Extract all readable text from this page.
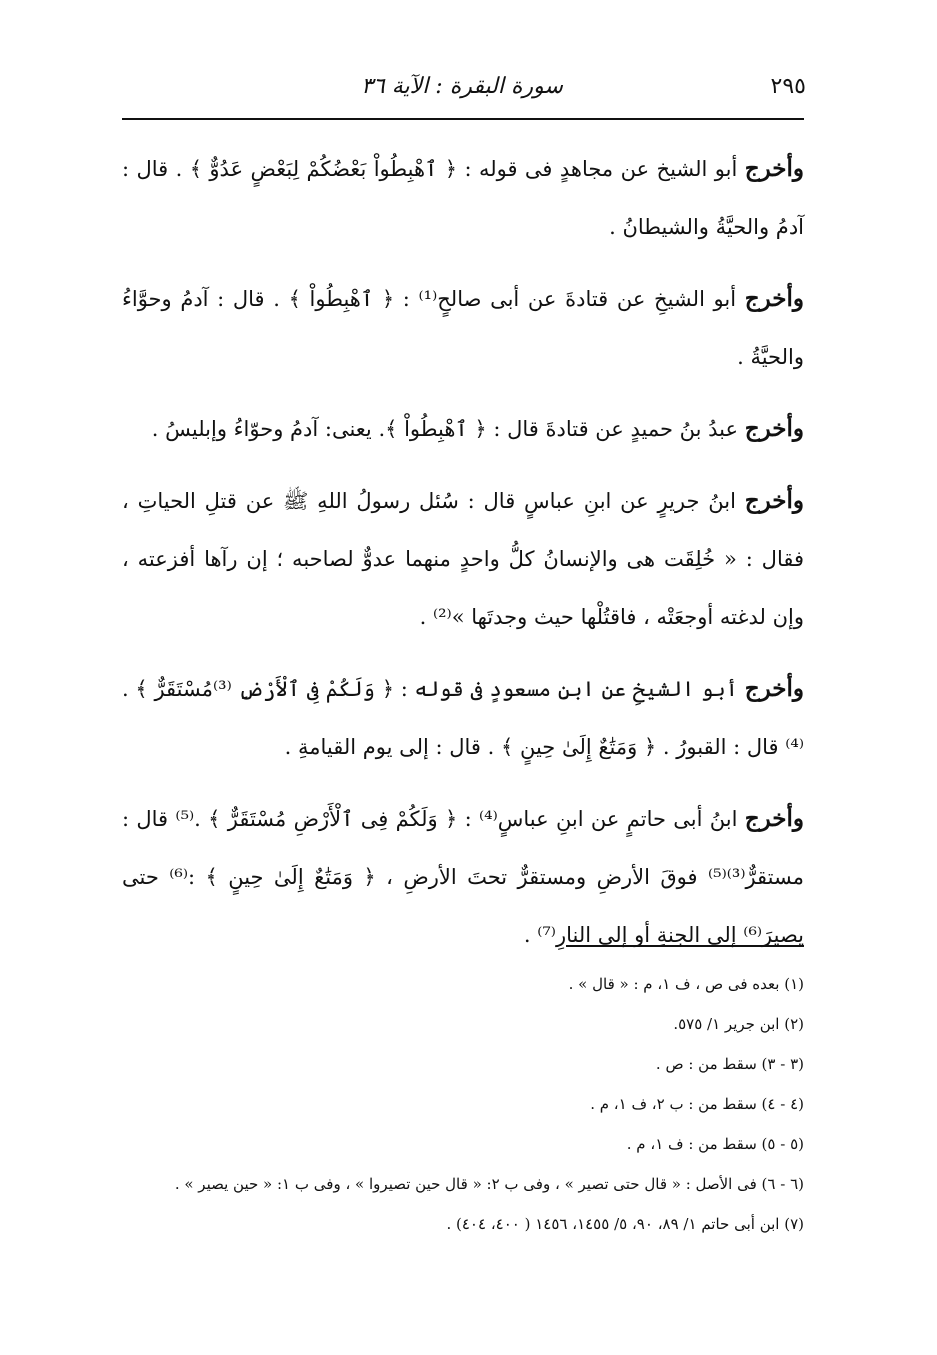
سورة البقرة : الآية ٣٦	٢٩٥

وأخرج أبو الشيخ عن مجاهدٍ فى قوله : ﴿ ٱهْبِطُواْ بَعْضُكُمْ لِبَعْضٍ عَدُوٌّ ﴾ . قال : آدمُ والحيَّةُ والشيطانُ .

وأخرج أبو الشيخِ عن قتادةَ عن أبى صالحٍ⁽¹⁾ : ﴿ ٱهْبِطُواْ ﴾ . قال : آدمُ وحوَّاءُ والحيَّةُ .

وأخرج عبدُ بنُ حميدٍ عن قتادةَ قال : ﴿ ٱهْبِطُواْ ﴾. يعنى: آدمُ وحوّاءُ وإبليسُ .

وأخرج ابنُ جريرٍ عن ابنِ عباسٍ قال : سُئل رسولُ اللهِ ﷺ عن قتلِ الحياتِ ، فقال : « خُلِقَت هى والإنسانُ كلُّ واحدٍ منهما عدوٌّ لصاحبه ؛ إن رآها أفزعته ، وإن لدغته أوجعَتْه ، فاقتُلْها حيث وجدتَها »⁽²⁾ .

وأخرج أبو الشيخِ عن ابنِ مسعودٍ فى قوله : ﴿ وَلَكُمْ فِى ٱلْأَرْضِ ⁽³⁾مُسْتَقَرٌّ ﴾ .⁽⁴⁾ قال : القبورُ . ﴿ وَمَتَٰعٌ إِلَىٰ حِينٍ ﴾ . قال : إلى يوم القيامةِ .

وأخرج ابنُ أبى حاتمٍ عن ابنِ عباسٍ⁽⁴⁾ : ﴿ وَلَكُمْ فِى ٱلْأَرْضِ مُسْتَقَرٌّ ﴾ .⁽⁵⁾ قال : مستقرٌّ⁽³⁾⁽⁵⁾ فوقَ الأرضِ ومستقرٌّ تحتَ الأرضِ ، ﴿ وَمَتَٰعٌ إِلَىٰ حِينٍ ﴾ :⁽⁶⁾ حتى يصيرَ⁽⁶⁾ إلى الجنةِ أو إلى النارِ⁽⁷⁾ .

(١) بعده فى ص ، ف ١، م : « قال » .

(٢) ابن جرير ١/ ٥٧٥.

(٣ - ٣) سقط من : ص .

(٤ - ٤) سقط من : ب ٢، ف ١، م .

(٥ - ٥) سقط من : ف ١، م .

(٦ - ٦) فى الأصل : « قال حتى تصير » ، وفى ب ٢: « قال حين تصيروا » ، وفى ب ١: « حين يصير » .

(٧) ابن أبى حاتم ١/ ٨٩، ٩٠، ٥/ ١٤٥٥، ١٤٥٦ ( ٤٠٠، ٤٠٤) .
